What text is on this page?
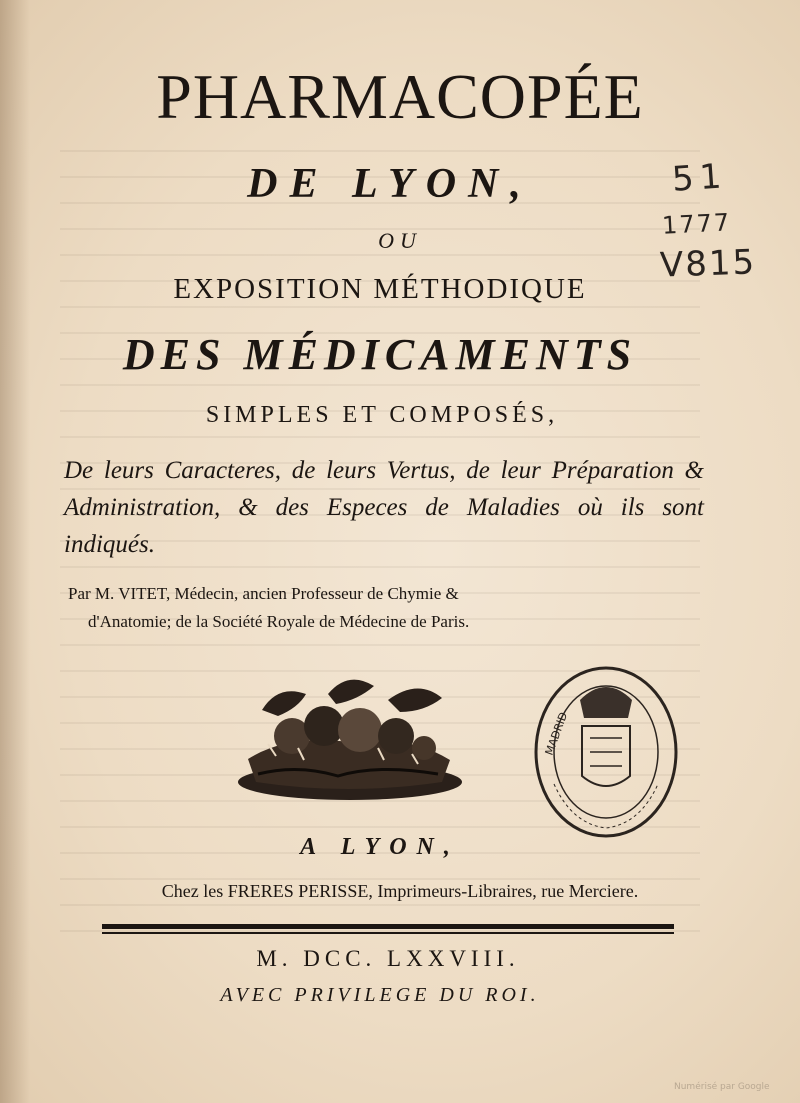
PHARMACOPÉE
DE LYON,
OU
EXPOSITION MÉTHODIQUE
DES MÉDICAMENTS
SIMPLES ET COMPOSÉS,
De leurs Caracteres, de leurs Vertus, de leur Préparation & Administration, & des Especes de Maladies où ils sont indiqués.
Par M. VITET, Médecin, ancien Professeur de Chymie &
d'Anatomie; de la Société Royale de Médecine de Paris.
MADRID
A LYON,
Chez les FRERES PERISSE, Imprimeurs-Libraires, rue Merciere.
M. DCC. LXXVIII.
AVEC PRIVILEGE DU ROI.
51
1777
V815
Numérisé par Google
